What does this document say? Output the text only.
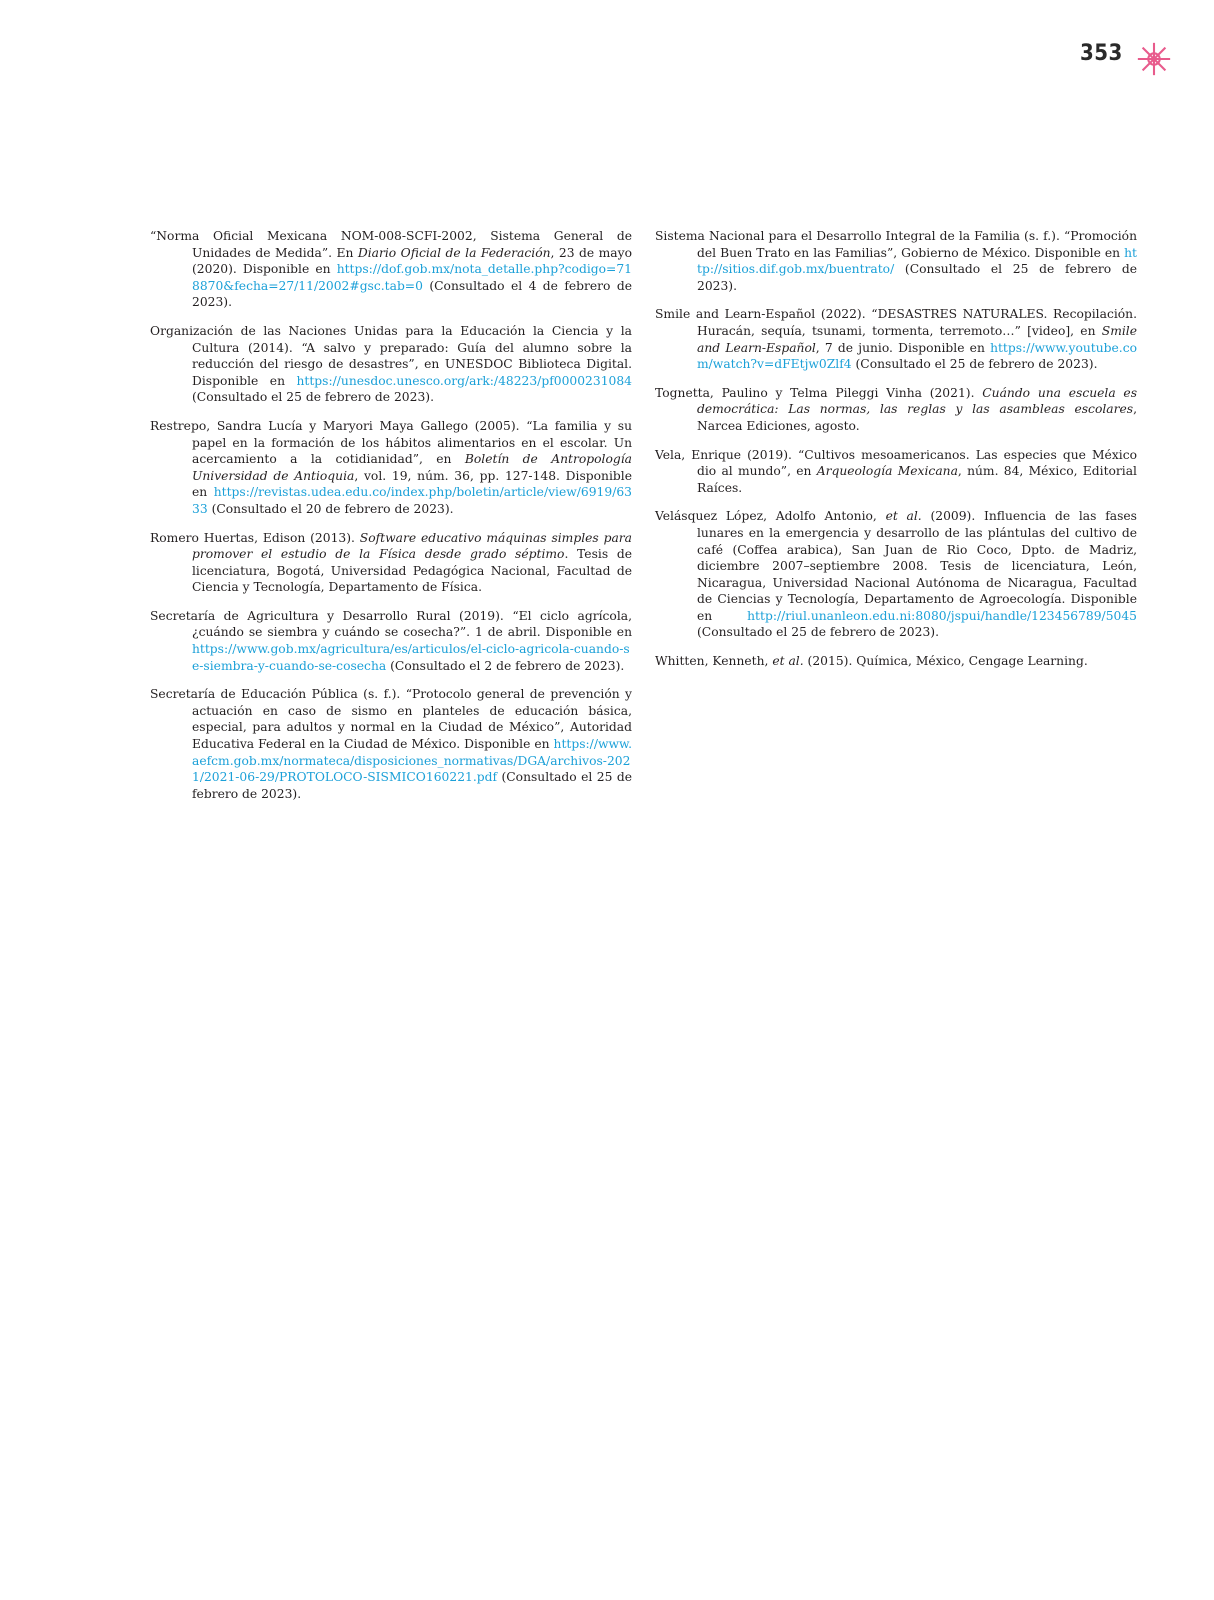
353

“Norma Oficial Mexicana NOM-008-SCFI-2002, Sistema General de Unidades de Medida”. En Diario Oficial de la Federación, 23 de mayo (2020). Disponible en https://dof.gob.mx/nota_detalle.php?codigo=718870&fecha=27/11/2002#gsc.tab=0 (Consultado el 4 de febrero de 2023).

Organización de las Naciones Unidas para la Educación la Ciencia y la Cultura (2014). “A salvo y preparado: Guía del alumno sobre la reducción del riesgo de desastres”, en UNESDOC Biblioteca Digital. Disponible en https://unesdoc.unesco.org/ark:/48223/pf0000231084 (Consultado el 25 de febrero de 2023).

Restrepo, Sandra Lucía y Maryori Maya Gallego (2005). “La familia y su papel en la formación de los hábitos alimentarios en el escolar. Un acercamiento a la cotidianidad”, en Boletín de Antropología Universidad de Antioquia, vol. 19, núm. 36, pp. 127-148. Disponible en https://revistas.udea.edu.co/index.php/boletin/article/view/6919/6333 (Consultado el 20 de febrero de 2023).

Romero Huertas, Edison (2013). Software educativo máquinas simples para promover el estudio de la Física desde grado séptimo. Tesis de licenciatura, Bogotá, Universidad Pedagógica Nacional, Facultad de Ciencia y Tecnología, Departamento de Física.

Secretaría de Agricultura y Desarrollo Rural (2019). “El ciclo agrícola, ¿cuándo se siembra y cuándo se cosecha?”. 1 de abril. Disponible en https://www.gob.mx/agricultura/es/articulos/el-ciclo-agricola-cuando-se-siembra-y-cuando-se-cosecha (Consultado el 2 de febrero de 2023).

Secretaría de Educación Pública (s. f.). “Protocolo general de prevención y actuación en caso de sismo en planteles de educación básica, especial, para adultos y normal en la Ciudad de México”, Autoridad Educativa Federal en la Ciudad de México. Disponible en https://www.aefcm.gob.mx/normateca/disposiciones_normativas/DGA/archivos-2021/2021-06-29/PROTOLOCO-SISMICO160221.pdf (Consultado el 25 de febrero de 2023).

Sistema Nacional para el Desarrollo Integral de la Familia (s. f.). “Promoción del Buen Trato en las Familias”, Gobierno de México. Disponible en http://sitios.dif.gob.mx/buentrato/ (Consultado el 25 de febrero de 2023).

Smile and Learn-Español (2022). “DESASTRES NATURALES. Recopilación. Huracán, sequía, tsunami, tormenta, terremoto…” [video], en Smile and Learn-Español, 7 de junio. Disponible en https://www.youtube.com/watch?v=dFEtjw0Zlf4 (Consultado el 25 de febrero de 2023).

Tognetta, Paulino y Telma Pileggi Vinha (2021). Cuándo una escuela es democrática: Las normas, las reglas y las asambleas escolares, Narcea Ediciones, agosto.

Vela, Enrique (2019). “Cultivos mesoamericanos. Las especies que México dio al mundo”, en Arqueología Mexicana, núm. 84, México, Editorial Raíces.

Velásquez López, Adolfo Antonio, et al. (2009). Influencia de las fases lunares en la emergencia y desarrollo de las plántulas del cultivo de café (Coffea arabica), San Juan de Rio Coco, Dpto. de Madriz, diciembre 2007–septiembre 2008. Tesis de licenciatura, León, Nicaragua, Universidad Nacional Autónoma de Nicaragua, Facultad de Ciencias y Tecnología, Departamento de Agroecología. Disponible en http://riul.unanleon.edu.ni:8080/jspui/handle/123456789/5045 (Consultado el 25 de febrero de 2023).

Whitten, Kenneth, et al. (2015). Química, México, Cengage Learning.
